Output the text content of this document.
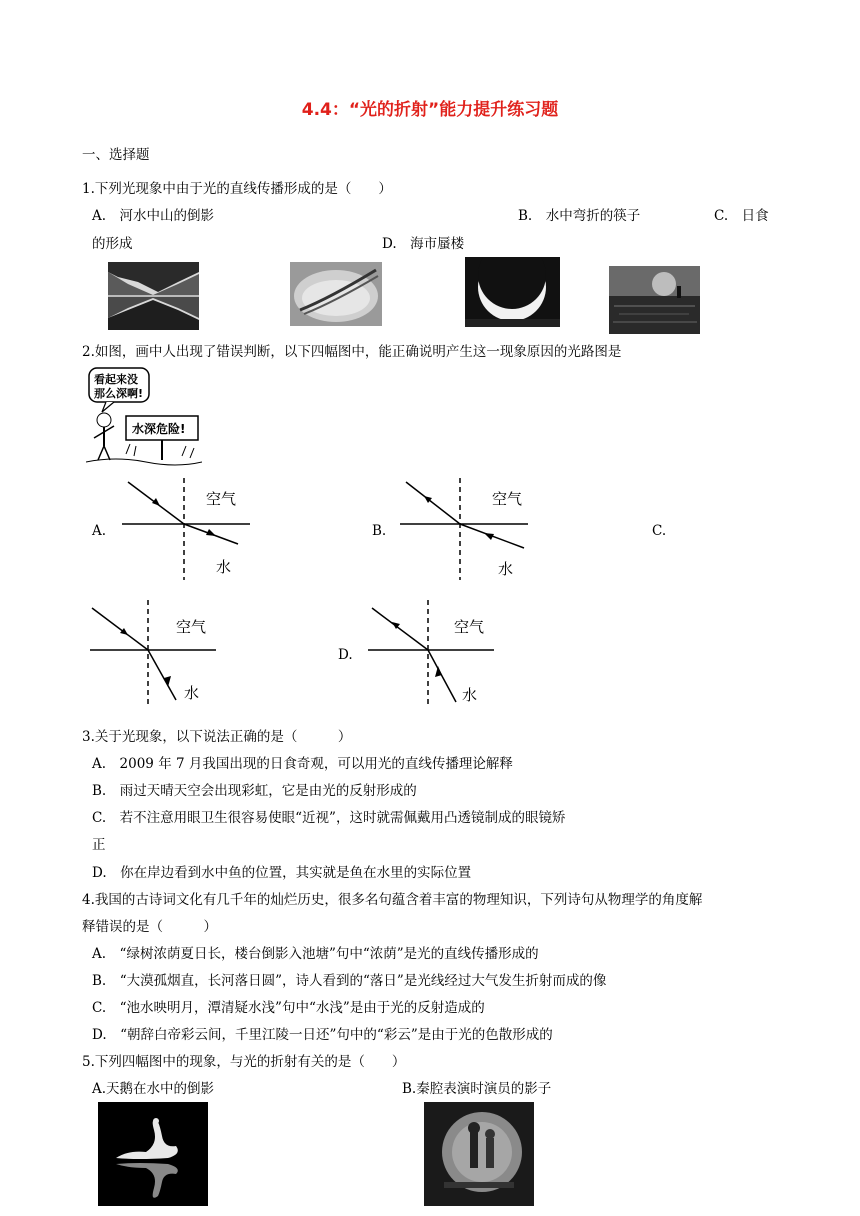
4.4：“光的折射”能力提升练习题
一、选择题
1.下列光现象中由于光的直线传播形成的是（　　）
A.　河水中山的倒影	B.　水中弯折的筷子	C.　日食
的形成	D.　海市蜃楼
2.如图，画中人出现了错误判断，以下四幅图中，能正确说明产生这一现象原因的光路图是
看起来没
那么深啊!
水深危险!
A.
空气
水
B.
空气
水
C.
空气
水
D.
空气
水
3.关于光现象，以下说法正确的是（　　　）
A.　2009 年 7 月我国出现的日食奇观，可以用光的直线传播理论解释
B.　雨过天晴天空会出现彩虹，它是由光的反射形成的
C.　若不注意用眼卫生很容易使眼“近视”，这时就需佩戴用凸透镜制成的眼镜矫
正
D.　你在岸边看到水中鱼的位置，其实就是鱼在水里的实际位置
4.我国的古诗词文化有几千年的灿烂历史，很多名句蕴含着丰富的物理知识，下列诗句从物理学的角度解
释错误的是（　　　）
A.　“绿树浓荫夏日长，楼台倒影入池塘”句中“浓荫”是光的直线传播形成的
B.　“大漠孤烟直，长河落日圆”，诗人看到的“落日”是光线经过大气发生折射而成的像
C.　“池水映明月，潭清疑水浅”句中“水浅”是由于光的反射造成的
D.　“朝辞白帝彩云间，千里江陵一日还”句中的“彩云”是由于光的色散形成的
5.下列四幅图中的现象，与光的折射有关的是（　　）
A.天鹅在水中的倒影	B.秦腔表演时演员的影子
